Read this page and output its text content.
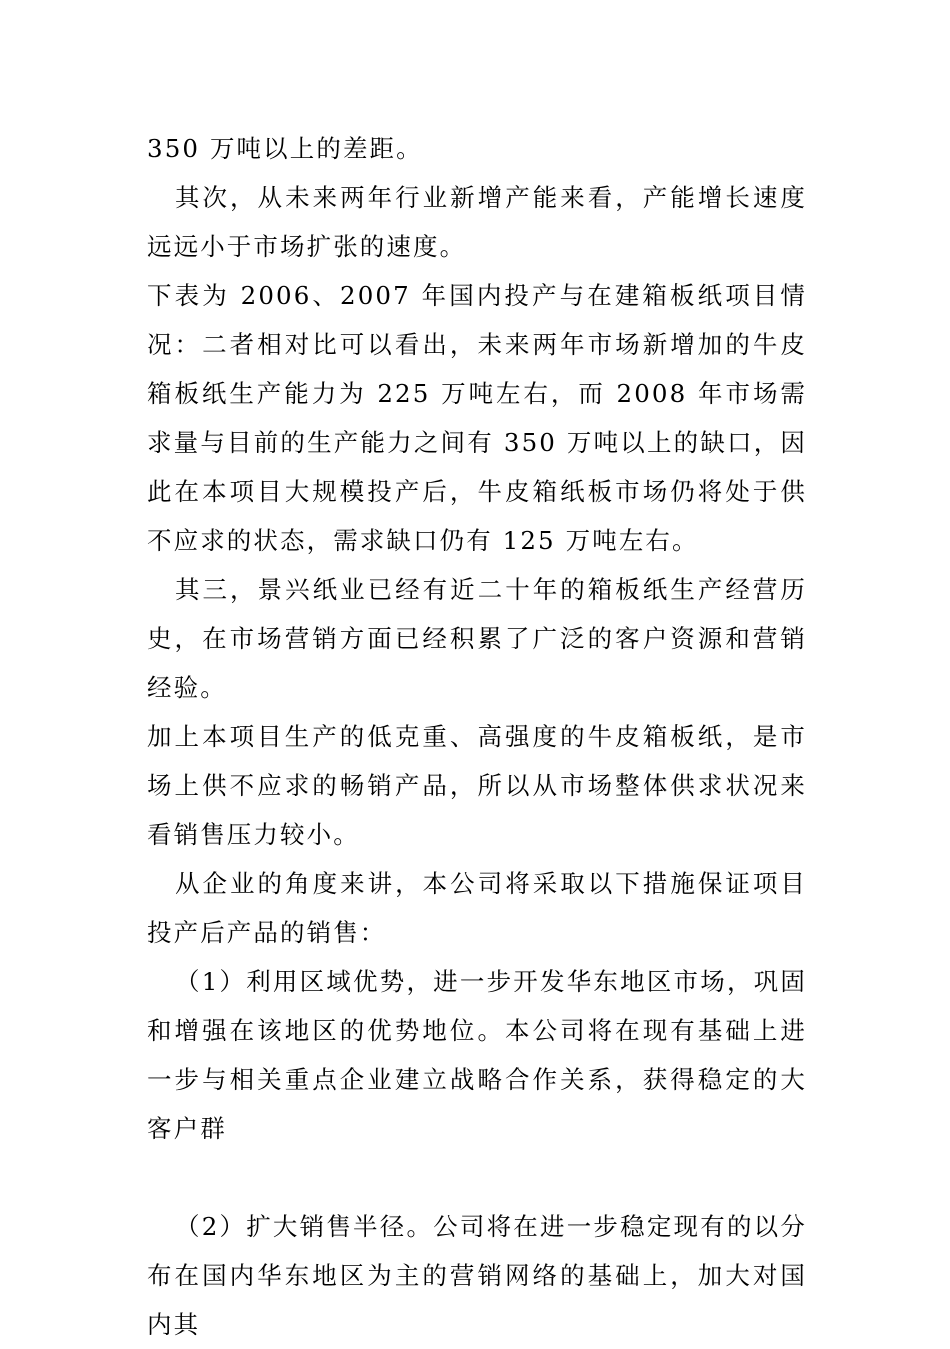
350 万吨以上的差距。

其次，从未来两年行业新增产能来看，产能增长速度远远小于市场扩张的速度。

下表为 2006、2007 年国内投产与在建箱板纸项目情况：二者相对比可以看出，未来两年市场新增加的牛皮箱板纸生产能力为 225 万吨左右，而 2008 年市场需求量与目前的生产能力之间有 350 万吨以上的缺口，因此在本项目大规模投产后，牛皮箱纸板市场仍将处于供不应求的状态，需求缺口仍有 125 万吨左右。

其三，景兴纸业已经有近二十年的箱板纸生产经营历史，在市场营销方面已经积累了广泛的客户资源和营销经验。

加上本项目生产的低克重、高强度的牛皮箱板纸，是市场上供不应求的畅销产品，所以从市场整体供求状况来看销售压力较小。

从企业的角度来讲，本公司将采取以下措施保证项目投产后产品的销售：

（1）利用区域优势，进一步开发华东地区市场，巩固和增强在该地区的优势地位。本公司将在现有基础上进一步与相关重点企业建立战略合作关系，获得稳定的大客户群

（2）扩大销售半径。公司将在进一步稳定现有的以分布在国内华东地区为主的营销网络的基础上，加大对国内其
